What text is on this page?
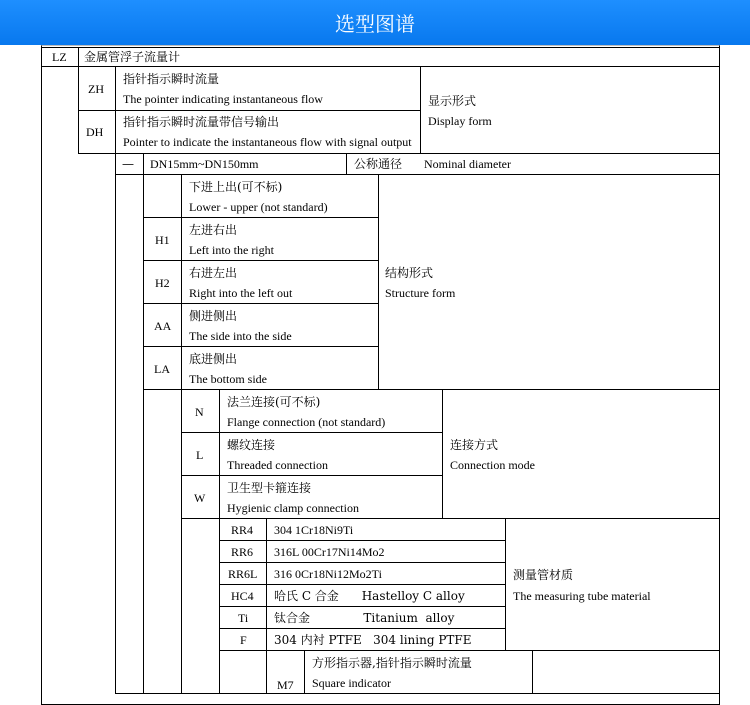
选型图谱
LZ 金属管浮子流量计
ZH
指针指示瞬时流量
The pointer indicating instantaneous flow
DH
指针指示瞬时流量带信号输出
Pointer to indicate the instantaneous flow with signal output
显示形式
Display form
— DN15mm~DN150mm	公称通径 Nominal diameter
下进上出(可不标)
Lower - upper (not standard)
H1
左进右出
Left into the right
H2
右进左出
Right into the left out
AA
侧进侧出
The side into the side
LA
底进侧出
The bottom side
结构形式
Structure form
N
法兰连接(可不标)
Flange connection (not standard)
L
螺纹连接
Threaded connection
W
卫生型卡箍连接
Hygienic clamp connection
连接方式
Connection mode
RR4 304 1Cr18Ni9Ti
RR6 316L 00Cr17Ni14Mo2
RR6L 316 0Cr18Ni12Mo2Ti
HC4 哈氏 C 合金      Hastelloy C alloy
Ti 钛合金              Titanium  alloy
F 304 内衬 PTFE   304 lining PTFE
测量管材质
The measuring tube material
M7
方形指示器,指针指示瞬时流量
Square indicator
